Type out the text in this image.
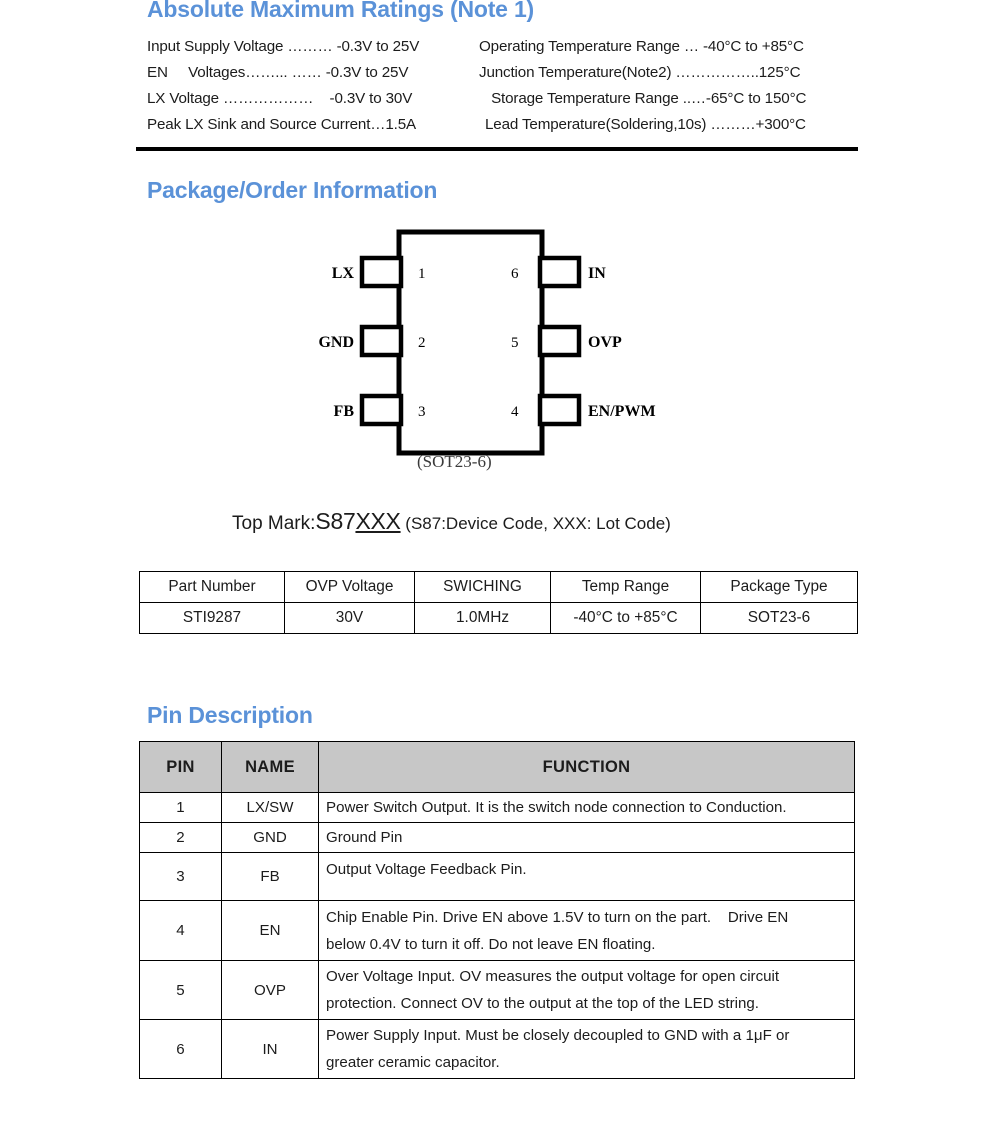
Absolute Maximum Ratings (Note 1)
Input Supply Voltage ……… -0.3V to 25V	Operating Temperature Range … -40°C to +85°C
EN     Voltages……... …… -0.3V to 25V	Junction Temperature(Note2) ……………..125°C
LX Voltage ………………    -0.3V to 30V	Storage Temperature Range ..…-65°C to 150°C
Peak LX Sink and Source Current…1.5A	Lead Temperature(Soldering,10s) ………+300°C
Package/Order Information
1
2
3
6
5
4
LX
GND
FB
IN
OVP
EN/PWM
(SOT23-6)
Top Mark:S87XXX (S87:Device Code, XXX: Lot Code)
Part Number	OVP Voltage	SWICHING	Temp Range	Package Type
STI9287	30V	1.0MHz	-40°C to +85°C	SOT23-6
Pin Description
PIN	NAME	FUNCTION
1	LX/SW	Power Switch Output. It is the switch node connection to Conduction.

2	GND	Ground Pin

3	FB	Output Voltage Feedback Pin.

4	EN	Chip Enable Pin. Drive EN above 1.5V to turn on the part.    Drive EN
below 0.4V to turn it off. Do not leave EN floating.

5	OVP	Over Voltage Input. OV measures the output voltage for open circuit
protection. Connect OV to the output at the top of the LED string.

6	IN	Power Supply Input. Must be closely decoupled to GND with a 1μF or
greater ceramic capacitor.
